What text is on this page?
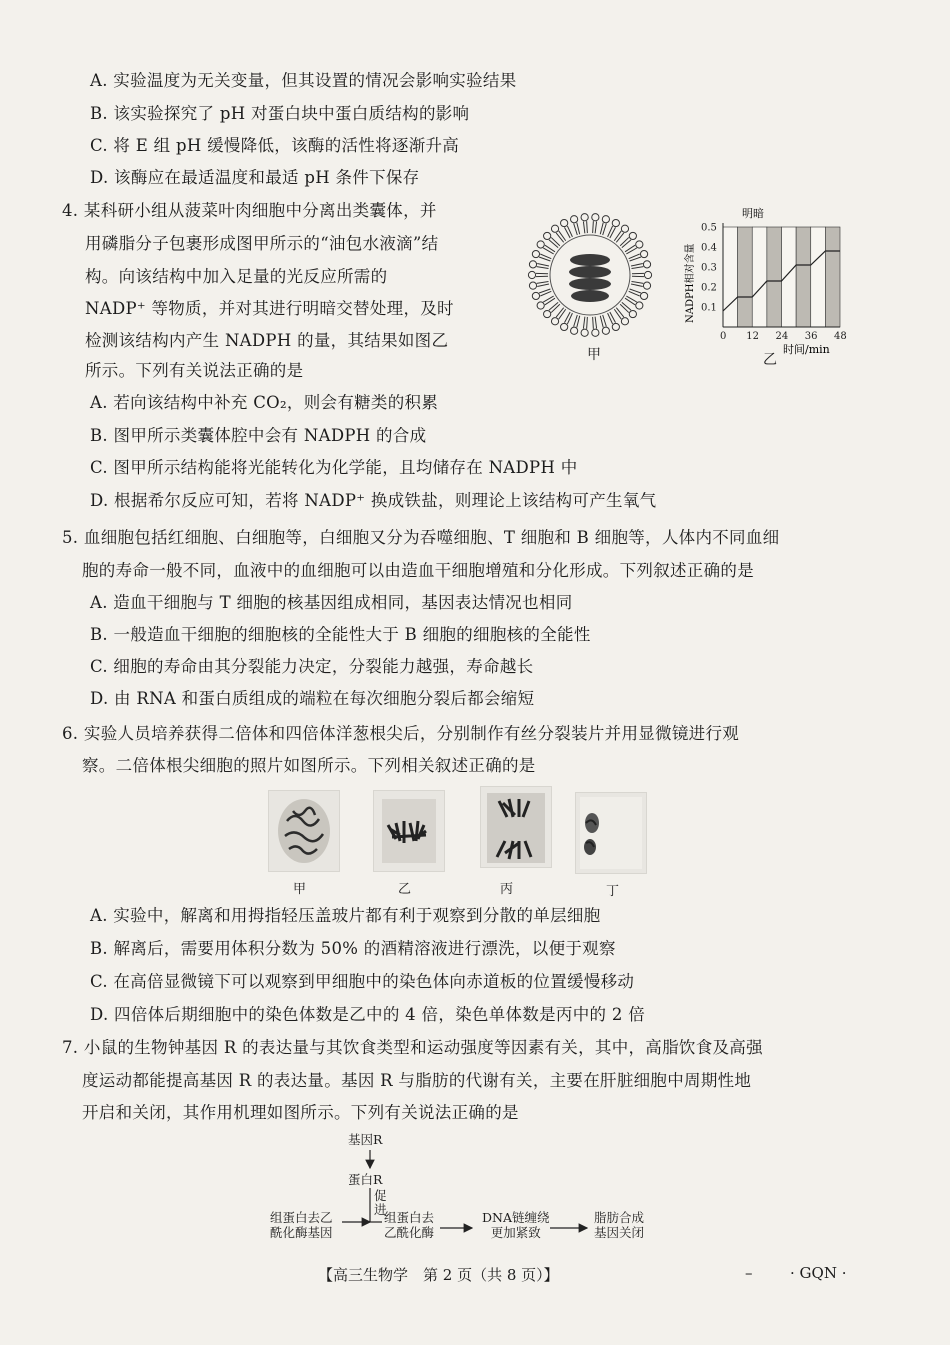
A. 实验温度为无关变量，但其设置的情况会影响实验结果
B. 该实验探究了 pH 对蛋白块中蛋白质结构的影响
C. 将 E 组 pH 缓慢降低，该酶的活性将逐渐升高
D. 该酶应在最适温度和最适 pH 条件下保存
4. 某科研小组从菠菜叶肉细胞中分离出类囊体，并
用磷脂分子包裹形成图甲所示的“油包水液滴”结
构。向该结构中加入足量的光反应所需的
NADP⁺ 等物质，并对其进行明暗交替处理，及时
检测该结构内产生 NADPH 的量，其结果如图乙
所示。下列有关说法正确的是
甲
0.1
0.2
0.3
0.4
0.5
0 12 24 36 48
明暗
时间/min
NADPH相对含量
乙
A. 若向该结构中补充 CO₂，则会有糖类的积累
B. 图甲所示类囊体腔中会有 NADPH 的合成
C. 图甲所示结构能将光能转化为化学能，且均储存在 NADPH 中
D. 根据希尔反应可知，若将 NADP⁺ 换成铁盐，则理论上该结构可产生氧气
5. 血细胞包括红细胞、白细胞等，白细胞又分为吞噬细胞、T 细胞和 B 细胞等，人体内不同血细
胞的寿命一般不同，血液中的血细胞可以由造血干细胞增殖和分化形成。下列叙述正确的是
A. 造血干细胞与 T 细胞的核基因组成相同，基因表达情况也相同
B. 一般造血干细胞的细胞核的全能性大于 B 细胞的细胞核的全能性
C. 细胞的寿命由其分裂能力决定，分裂能力越强，寿命越长
D. 由 RNA 和蛋白质组成的端粒在每次细胞分裂后都会缩短
6. 实验人员培养获得二倍体和四倍体洋葱根尖后，分别制作有丝分裂装片并用显微镜进行观
察。二倍体根尖细胞的照片如图所示。下列相关叙述正确的是
甲	乙	丙	丁
A. 实验中，解离和用拇指轻压盖玻片都有利于观察到分散的单层细胞
B. 解离后，需要用体积分数为 50% 的酒精溶液进行漂洗，以便于观察
C. 在高倍显微镜下可以观察到甲细胞中的染色体向赤道板的位置缓慢移动
D. 四倍体后期细胞中的染色体数是乙中的 4 倍，染色单体数是丙中的 2 倍
7. 小鼠的生物钟基因 R 的表达量与其饮食类型和运动强度等因素有关，其中，高脂饮食及高强
度运动都能提高基因 R 的表达量。基因 R 与脂肪的代谢有关，主要在肝脏细胞中周期性地
开启和关闭，其作用机理如图所示。下列有关说法正确的是
基因R
蛋白R
促
进
组蛋白去乙
酰化酶基因
组蛋白去
乙酰化酶
DNA链缠绕
更加紧致
脂肪合成
基因关闭
【高三生物学　第 2 页（共 8 页）】	–	· GQN ·
